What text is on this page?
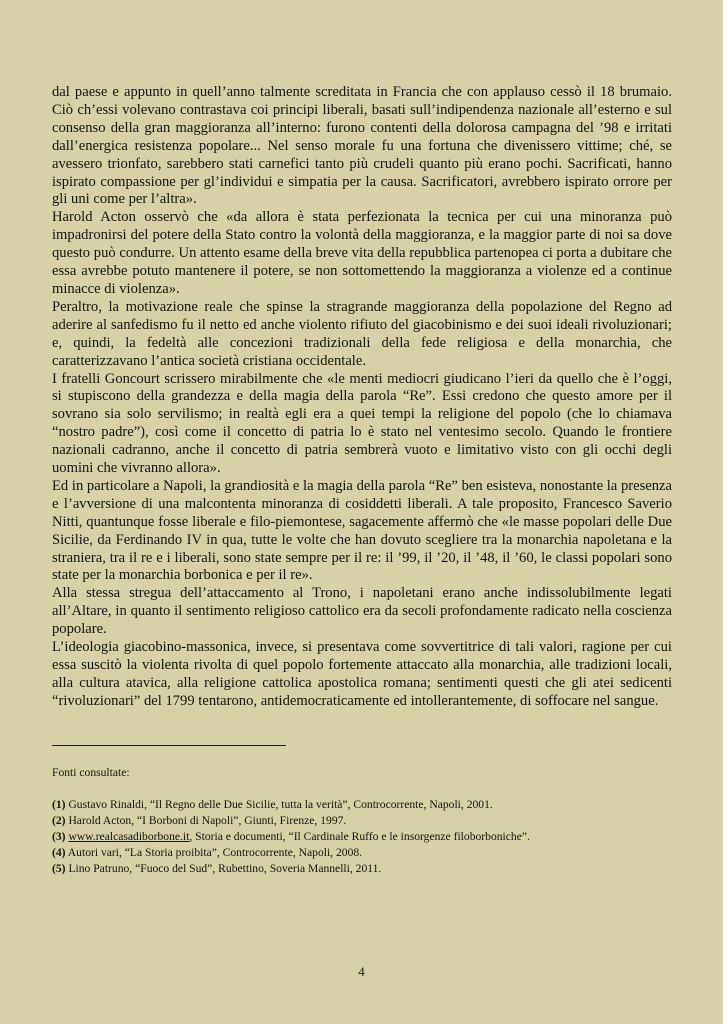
dal paese e appunto in quell’anno talmente screditata in Francia che con applauso cessò il 18 brumaio. Ciò ch’essi volevano contrastava coi principi liberali, basati sull’indipendenza nazionale all’esterno e sul consenso della gran maggioranza all’interno: furono contenti della dolorosa campagna del ’98 e irritati dall’energica resistenza popolare... Nel senso morale fu una fortuna che divenissero vittime; ché, se avessero trionfato, sarebbero stati carnefici tanto più crudeli quanto più erano pochi. Sacrificati, hanno ispirato compassione per gl’individui e simpatia per la causa. Sacrificatori, avrebbero ispirato orrore per gli uni come per l’altra».

Harold Acton osservò che «da allora è stata perfezionata la tecnica per cui una minoranza può impadronirsi del potere della Stato contro la volontà della maggioranza, e la maggior parte di noi sa dove questo può condurre. Un attento esame della breve vita della repubblica partenopea ci porta a dubitare che essa avrebbe potuto mantenere il potere, se non sottomettendo la maggioranza a violenze ed a continue minacce di violenza».

Peraltro, la motivazione reale che spinse la stragrande maggioranza della popolazione del Regno ad aderire al sanfedismo fu il netto ed anche violento rifiuto del giacobinismo e dei suoi ideali rivoluzionari; e, quindi, la fedeltà alle concezioni tradizionali della fede religiosa e della monarchia, che caratterizzavano l’antica società cristiana occidentale.

I fratelli Goncourt scrissero mirabilmente che «le menti mediocri giudicano l’ieri da quello che è l’oggi, si stupiscono della grandezza e della magia della parola “Re”. Essi credono che questo amore per il sovrano sia solo servilismo; in realtà egli era a quei tempi la religione del popolo (che lo chiamava “nostro padre”), così come il concetto di patria lo è stato nel ventesimo secolo. Quando le frontiere nazionali cadranno, anche il concetto di patria sembrerà vuoto e limitativo visto con gli occhi degli uomini che vivranno allora».

Ed in particolare a Napoli, la grandiosità e la magia della parola “Re” ben esisteva, nonostante la presenza e l’avversione di una malcontenta minoranza di cosiddetti liberali. A tale proposito, Francesco Saverio Nitti, quantunque fosse liberale e filo-piemontese, sagacemente affermò che «le masse popolari delle Due Sicilie, da Ferdinando IV in qua, tutte le volte che han dovuto scegliere tra la monarchia napoletana e la straniera, tra il re e i liberali, sono state sempre per il re: il ’99, il ’20, il ’48, il ’60, le classi popolari sono state per la monarchia borbonica e per il re».

Alla stessa stregua dell’attaccamento al Trono, i napoletani erano anche indissolubilmente legati all’Altare, in quanto il sentimento religioso cattolico era da secoli profondamente radicato nella coscienza popolare.

L’ideologia giacobino-massonica, invece, si presentava come sovvertitrice di tali valori, ragione per cui essa suscitò la violenta rivolta di quel popolo fortemente attaccato alla monarchia, alle tradizioni locali, alla cultura atavica, alla religione cattolica apostolica romana; sentimenti questi che gli atei sedicenti “rivoluzionari” del 1799 tentarono, antidemocraticamente ed intollerantemente, di soffocare nel sangue.

Fonti consultate:

(1) Gustavo Rinaldi, “Il Regno delle Due Sicilie, tutta la verità”, Controcorrente, Napoli, 2001.

(2) Harold Acton, “I Borboni di Napoli”, Giunti, Firenze, 1997.

(3) www.realcasadiborbone.it, Storia e documenti, “Il Cardinale Ruffo e le insorgenze filoborboniche”.

(4) Autori vari, “La Storia proibita”, Controcorrente, Napoli, 2008.

(5) Lino Patruno, “Fuoco del Sud”, Rubettino, Soveria Mannelli, 2011.

4
